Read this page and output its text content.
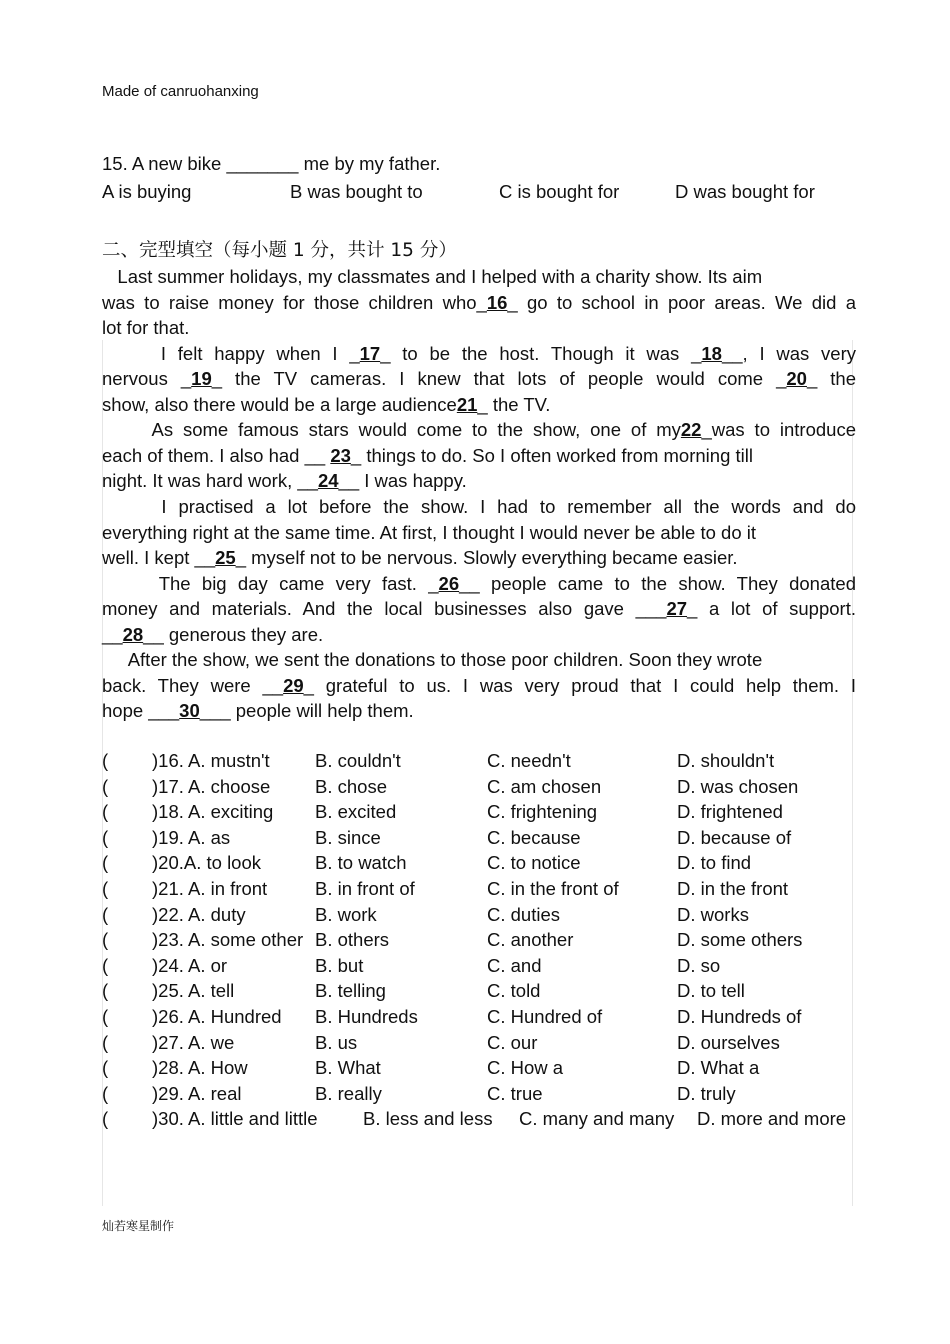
Made of canruohanxing
15. A new bike _______ me by my father.
A is buying	B was bought to	C is bought for	D was bought for
二、完型填空（每小题 1 分，共计 15 分）
Last summer holidays, my classmates and I helped with a charity show. Its aim
was to raise money for those children who_16_ go to school in poor areas. We did a
lot for that.
I felt happy when I _17_ to be the host. Though it was _18__, I was very
nervous _19_ the TV cameras. I knew that lots of people would come _20_ the
show, also there would be a large audience21_ the TV.
As some famous stars would come to the show, one of my22_was to introduce
each of them. I also had __ 23_ things to do. So I often worked from morning till
night. It was hard work, __24__ I was happy.
I practised a lot before the show. I had to remember all the words and do
everything right at the same time. At first, I thought I would never be able to do it
well. I kept __25_ myself not to be nervous. Slowly everything became easier.
The big day came very fast. _26__ people came to the show. They donated
money and materials. And the local businesses also gave ___27_ a lot of support.
__28__ generous they are.
After the show, we sent the donations to those poor children. Soon they wrote
back. They were __29_ grateful to us. I was very proud that I could help them. I
hope ___30___ people will help them.
( )16. A. mustn't B. couldn't	C. needn't	D. shouldn't
( )17. A. choose B. chose	C. am chosen	D. was chosen
( )18. A. exciting B. excited	C. frightening	D. frightened
( )19. A. as	B. since	C. because	D. because of
( )20.A. to look	B. to watch	C. to notice	D. to find
( )21. A. in front	B. in front of	C. in the front of	D. in the front
( )22. A. duty	B. work	C. duties	D. works
( )23. A. some other B. others	C. another	D. some others
( )24. A. or	B. but	C. and	D. so
( )25. A. tell	B. telling	C. told	D. to tell
( )26. A. Hundred B. Hundreds	C. Hundred of	D. Hundreds of
( )27. A. we	B. us	C. our	D. ourselves
( )28. A. How	B. What	C. How a	D. What a
( )29. A. real	B. really	C. true	D. truly
( )30. A. little and little B. less and less C. many and many D. more and more
灿若寒星制作
